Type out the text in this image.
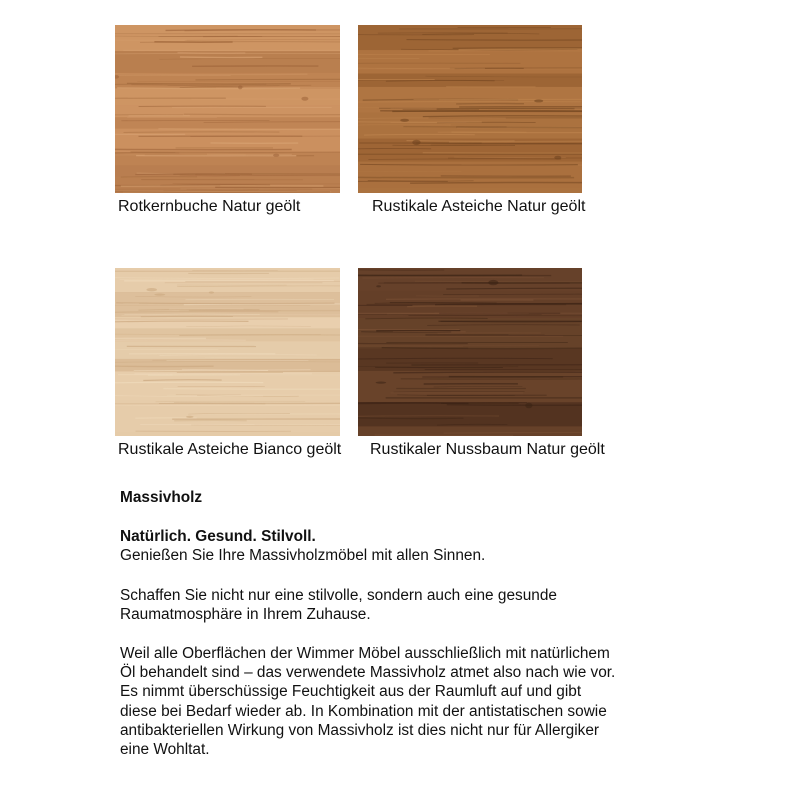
Rotkernbuche Natur geölt	Rustikale Asteiche Natur geölt
Rustikale Asteiche Bianco geölt Rustikaler Nussbaum Natur geölt

Massivholz

Natürlich. Gesund. Stilvoll.

Genießen Sie Ihre Massivholzmöbel mit allen Sinnen.

Schaffen Sie nicht nur eine stilvolle, sondern auch eine gesunde

Raumatmosphäre in Ihrem Zuhause.

Weil alle Oberflächen der Wimmer Möbel ausschließlich mit natürlichem

Öl behandelt sind – das verwendete Massivholz atmet also nach wie vor.

Es nimmt überschüssige Feuchtigkeit aus der Raumluft auf und gibt

diese bei Bedarf wieder ab. In Kombination mit der antistatischen sowie

antibakteriellen Wirkung von Massivholz ist dies nicht nur für Allergiker

eine Wohltat.
